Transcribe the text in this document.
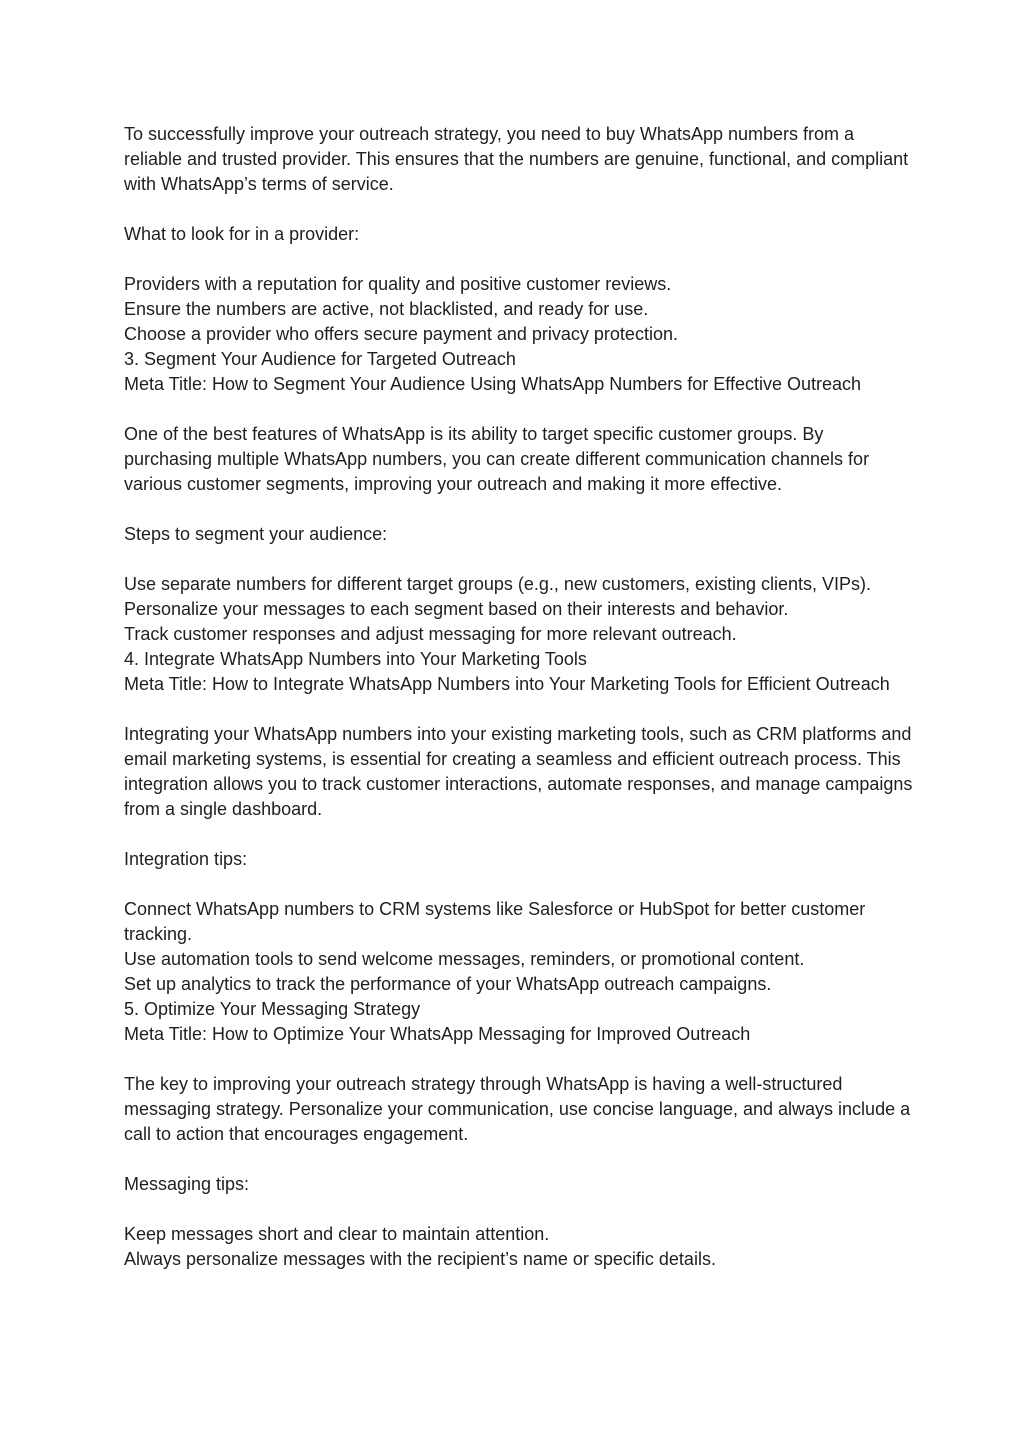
To successfully improve your outreach strategy, you need to buy WhatsApp numbers from a reliable and trusted provider. This ensures that the numbers are genuine, functional, and compliant with WhatsApp’s terms of service.

What to look for in a provider:

Providers with a reputation for quality and positive customer reviews.

Ensure the numbers are active, not blacklisted, and ready for use.

Choose a provider who offers secure payment and privacy protection.

3. Segment Your Audience for Targeted Outreach

Meta Title: How to Segment Your Audience Using WhatsApp Numbers for Effective Outreach

One of the best features of WhatsApp is its ability to target specific customer groups. By purchasing multiple WhatsApp numbers, you can create different communication channels for various customer segments, improving your outreach and making it more effective.

Steps to segment your audience:

Use separate numbers for different target groups (e.g., new customers, existing clients, VIPs).

Personalize your messages to each segment based on their interests and behavior.

Track customer responses and adjust messaging for more relevant outreach.

4. Integrate WhatsApp Numbers into Your Marketing Tools

Meta Title: How to Integrate WhatsApp Numbers into Your Marketing Tools for Efficient Outreach

Integrating your WhatsApp numbers into your existing marketing tools, such as CRM platforms and email marketing systems, is essential for creating a seamless and efficient outreach process. This integration allows you to track customer interactions, automate responses, and manage campaigns from a single dashboard.

Integration tips:

Connect WhatsApp numbers to CRM systems like Salesforce or HubSpot for better customer tracking.

Use automation tools to send welcome messages, reminders, or promotional content.

Set up analytics to track the performance of your WhatsApp outreach campaigns.

5. Optimize Your Messaging Strategy

Meta Title: How to Optimize Your WhatsApp Messaging for Improved Outreach

The key to improving your outreach strategy through WhatsApp is having a well-structured messaging strategy. Personalize your communication, use concise language, and always include a call to action that encourages engagement.

Messaging tips:

Keep messages short and clear to maintain attention.

Always personalize messages with the recipient’s name or specific details.
